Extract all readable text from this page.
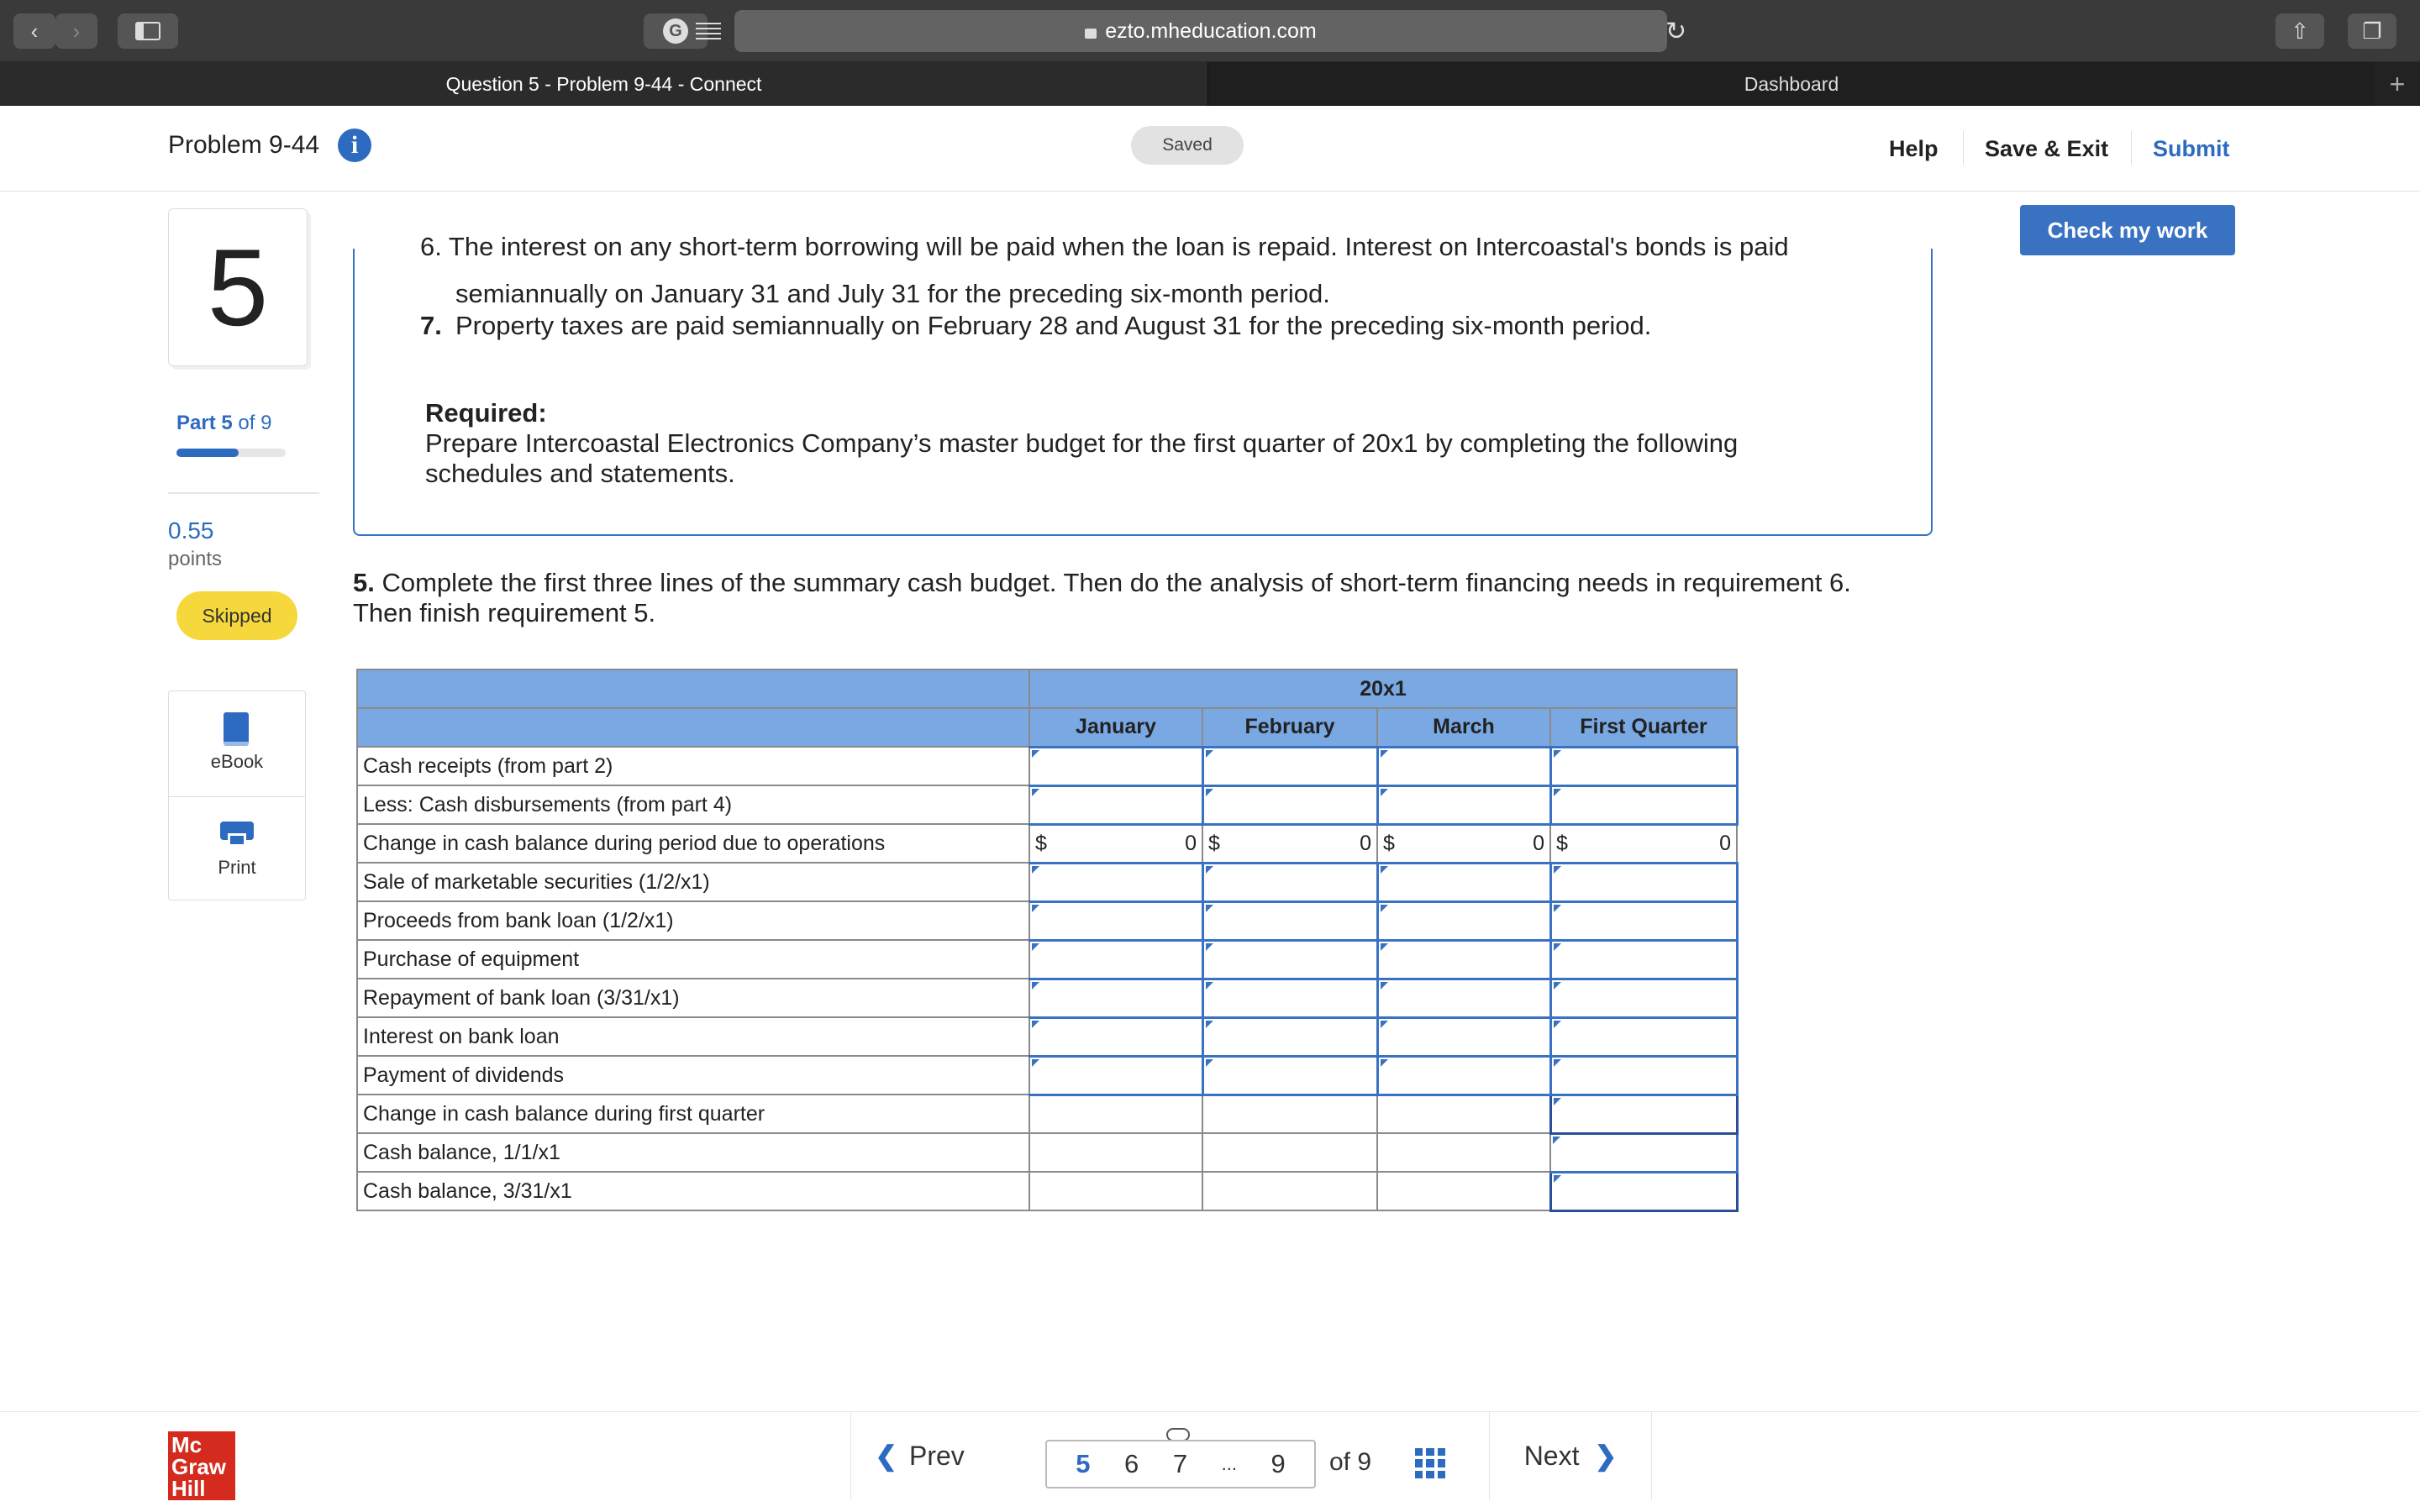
‹ ›	G	ezto.mheducation.com	↻	⇧ ❐
Question 5 - Problem 9-44 - Connect	Dashboard	+
Problem 9-44	i	Saved	Help Save & Exit Submit
Check my work
5
Part 5 of 9
0.55
points
Skipped
eBook
Print
6. The interest on any short-term borrowing will be paid when the loan is repaid. Interest on Intercoastal's bonds is paid
semiannually on January 31 and July 31 for the preceding six-month period.
7. Property taxes are paid semiannually on February 28 and August 31 for the preceding six-month period.
Required:
Prepare Intercoastal Electronics Company’s master budget for the first quarter of 20x1 by completing the following schedules and statements.
5. Complete the first three lines of the summary cash budget. Then do the analysis of short-term financing needs in requirement 6. Then finish requirement 5.
	20x1			
	January	February	March	First Quarter
Cash receipts (from part 2)				
Less: Cash disbursements (from part 4)				
Change in cash balance during period due to operations	$ 0	$ 0	$ 0	$ 0

Sale of marketable securities (1/2/x1)				
Proceeds from bank loan (1/2/x1)				
Purchase of equipment				
Repayment of bank loan (3/31/x1)				
Interest on bank loan				
Payment of dividends				
Change in cash balance during first quarter				
Cash balance, 1/1/x1				
Cash balance, 3/31/x1				
Mc
Graw
Hill
❮ Prev	5 6 7 ... 9 of 9	Next ❯
